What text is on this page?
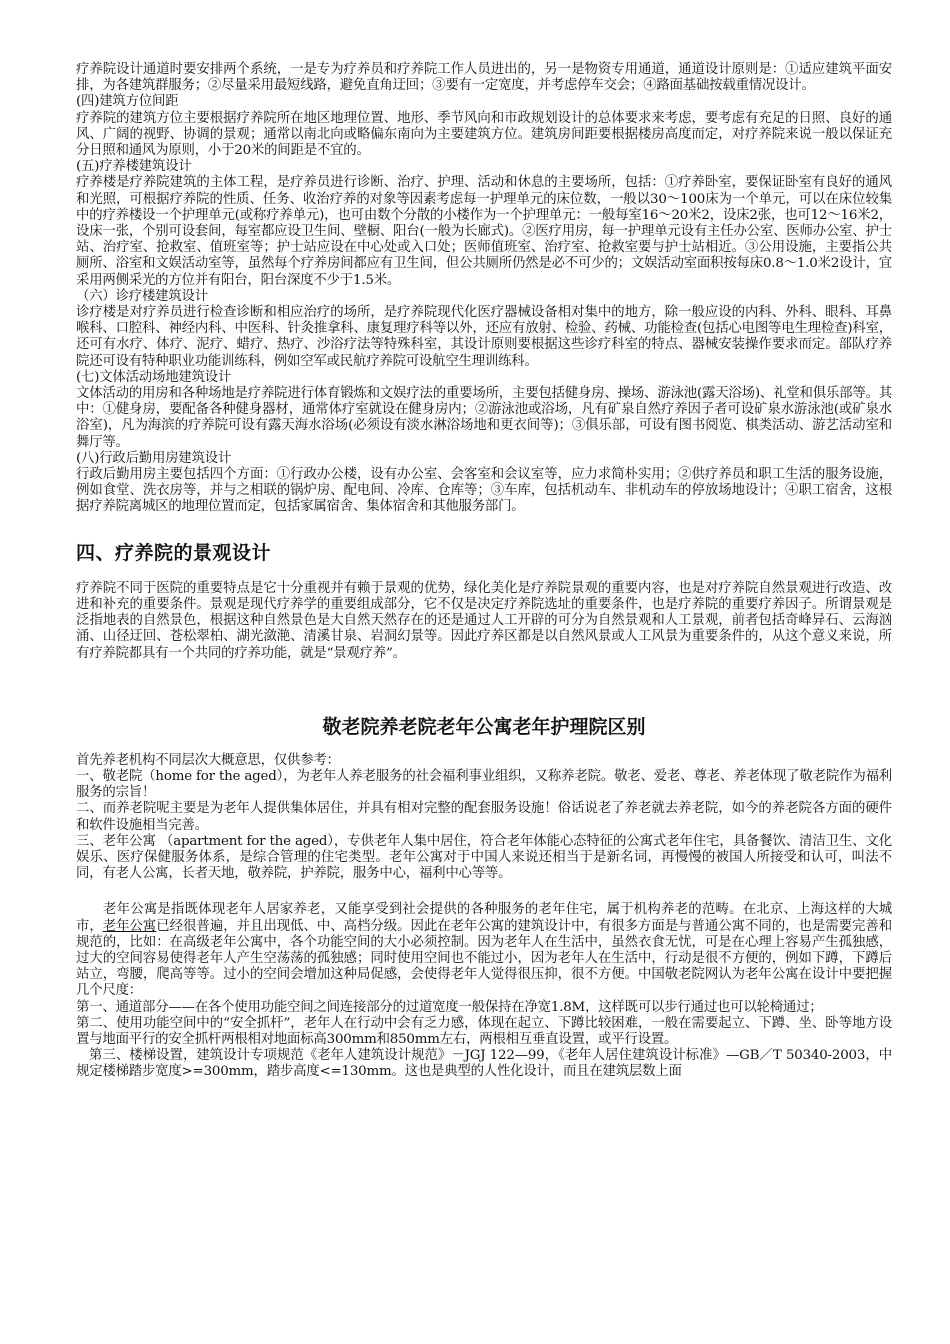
疗养院设计通道时要安排两个系统，一是专为疗养员和疗养院工作人员进出的，另一是物资专用通道，通道设计原则是：①适应建筑平面安排，为各建筑群服务；②尽量采用最短线路，避免直角迂回；③要有一定宽度，并考虑停车交会；④路面基础按载重情况设计。

(四)建筑方位间距

疗养院的建筑方位主要根据疗养院所在地区地理位置、地形、季节风向和市政规划设计的总体要求来考虑，要考虑有充足的日照、良好的通风、广阔的视野、协调的景观；通常以南北向或略偏东南向为主要建筑方位。建筑房间距要根据楼房高度而定，对疗养院来说一般以保证充分日照和通风为原则，小于20米的间距是不宜的。

(五)疗养楼建筑设计

疗养楼是疗养院建筑的主体工程，是疗养员进行诊断、治疗、护理、活动和休息的主要场所，包括：①疗养卧室，要保证卧室有良好的通风和光照，可根据疗养院的性质、任务、收治疗养的对象等因素考虑每一护理单元的床位数，一般以30～100床为一个单元，可以在床位较集中的疗养楼设一个护理单元(或称疗养单元)，也可由数个分散的小楼作为一个护理单元：一般每室16～20米2，设床2张，也可12～16米2，设床一张，个别可设套间，每室都应设卫生间、壁橱、阳台(一般为长廊式)。②医疗用房，每一护理单元设有主任办公室、医师办公室、护士站、治疗室、抢救室、值班室等；护士站应设在中心处或入口处；医师值班室、治疗室、抢救室要与护士站相近。③公用设施，主要指公共厕所、浴室和文娱活动室等，虽然每个疗养房间都应有卫生间，但公共厕所仍然是必不可少的；文娱活动室面积按每床0.8～1.0米2设计，宜采用两侧采光的方位并有阳台，阳台深度不少于1.5米。

（六）诊疗楼建筑设计

诊疗楼是对疗养员进行检查诊断和相应治疗的场所，是疗养院现代化医疗器械设备相对集中的地方，除一般应设的内科、外科、眼科、耳鼻喉科、口腔科、神经内科、中医科、针灸推拿科、康复理疗科等以外，还应有放射、检验、药械、功能检查(包括心电图等电生理检查)科室，还可有水疗、体疗、泥疗、蜡疗、热疗、沙浴疗法等特殊科室，其设计原则要根据这些诊疗科室的特点、器械安装操作要求而定。部队疗养院还可设有特种职业功能训练科，例如空军或民航疗养院可设航空生理训练科。

(七)文体活动场地建筑设计

文体活动的用房和各种场地是疗养院进行体育锻炼和文娱疗法的重要场所，主要包括健身房、操场、游泳池(露天浴场)、礼堂和俱乐部等。其中：①健身房，要配备各种健身器材，通常体疗室就设在健身房内；②游泳池或浴场，凡有矿泉自然疗养因子者可设矿泉水游泳池(或矿泉水浴室)，凡为海滨的疗养院可设有露天海水浴场(必须设有淡水淋浴场地和更衣间等)；③俱乐部，可设有图书阅览、棋类活动、游艺活动室和舞厅等。

(八)行政后勤用房建筑设计

行政后勤用房主要包括四个方面：①行政办公楼，设有办公室、会客室和会议室等，应力求简朴实用；②供疗养员和职工生活的服务设施，例如食堂、洗衣房等，并与之相联的锅炉房、配电间、冷库、仓库等；③车库，包括机动车、非机动车的停放场地设计；④职工宿舍，这根据疗养院离城区的地理位置而定，包括家属宿舍、集体宿舍和其他服务部门。

四、疗养院的景观设计

疗养院不同于医院的重要特点是它十分重视并有赖于景观的优势，绿化美化是疗养院景观的重要内容，也是对疗养院自然景观进行改造、改进和补充的重要条件。景观是现代疗养学的重要组成部分，它不仅是决定疗养院选址的重要条件，也是疗养院的重要疗养因子。所谓景观是泛指地表的自然景色，根据这种自然景色是大自然天然存在的还是通过人工开辟的可分为自然景观和人工景观，前者包括奇峰异石、云海汹涌、山径迂回、苍松翠柏、湖光潋滟、清溪甘泉、岩洞幻景等。因此疗养区都是以自然风景或人工风景为重要条件的，从这个意义来说，所有疗养院都具有一个共同的疗养功能，就是“景观疗养”。

敬老院养老院老年公寓老年护理院区别

首先养老机构不同层次大概意思，仅供参考：

一、敬老院（home for the aged），为老年人养老服务的社会福利事业组织，又称养老院。敬老、爱老、尊老、养老体现了敬老院作为福利服务的宗旨！

二、而养老院呢主要是为老年人提供集体居住，并具有相对完整的配套服务设施！俗话说老了养老就去养老院，如今的养老院各方面的硬件和软件设施相当完善。

三、老年公寓 （apartment for the aged），专供老年人集中居住，符合老年体能心态特征的公寓式老年住宅，具备餐饮、清洁卫生、文化娱乐、医疗保健服务体系，是综合管理的住宅类型。老年公寓对于中国人来说还相当于是新名词，再慢慢的被国人所接受和认可，叫法不同，有老人公寓，长者天地，敬养院，护养院，服务中心，福利中心等等。

老年公寓是指既体现老年人居家养老，又能享受到社会提供的各种服务的老年住宅，属于机构养老的范畴。在北京、上海这样的大城市，老年公寓已经很普遍，并且出现低、中、高档分级。因此在老年公寓的建筑设计中，有很多方面是与普通公寓不同的，也是需要完善和规范的，比如：在高级老年公寓中，各个功能空间的大小必须控制。因为老年人在生活中，虽然衣食无忧，可是在心理上容易产生孤独感，过大的空间容易使得老年人产生空荡荡的孤独感；同时使用空间也不能过小，因为老年人在生活中，行动是很不方便的，例如下蹲，下蹲后站立，弯腰，爬高等等。过小的空间会增加这种局促感，会使得老年人觉得很压抑，很不方便。中国敬老院网认为老年公寓在设计中要把握几个尺度：

第一、通道部分——在各个使用功能空间之间连接部分的过道宽度一般保持在净宽1.8M，这样既可以步行通过也可以轮椅通过；

第二、使用功能空间中的“安全抓杆”，老年人在行动中会有乏力感，体现在起立、下蹲比较困难，一般在需要起立、下蹲、坐、卧等地方设置与地面平行的安全抓杆两根相对地面标高300mm和850mm左右，两根相互垂直设置，或平行设置。

第三、楼梯设置，建筑设计专项规范《老年人建筑设计规范》－JGJ 122—99，《老年人居住建筑设计标准》—GB／T 50340-2003，中规定楼梯踏步宽度>=300mm，踏步高度<=130mm。这也是典型的人性化设计，而且在建筑层数上面
